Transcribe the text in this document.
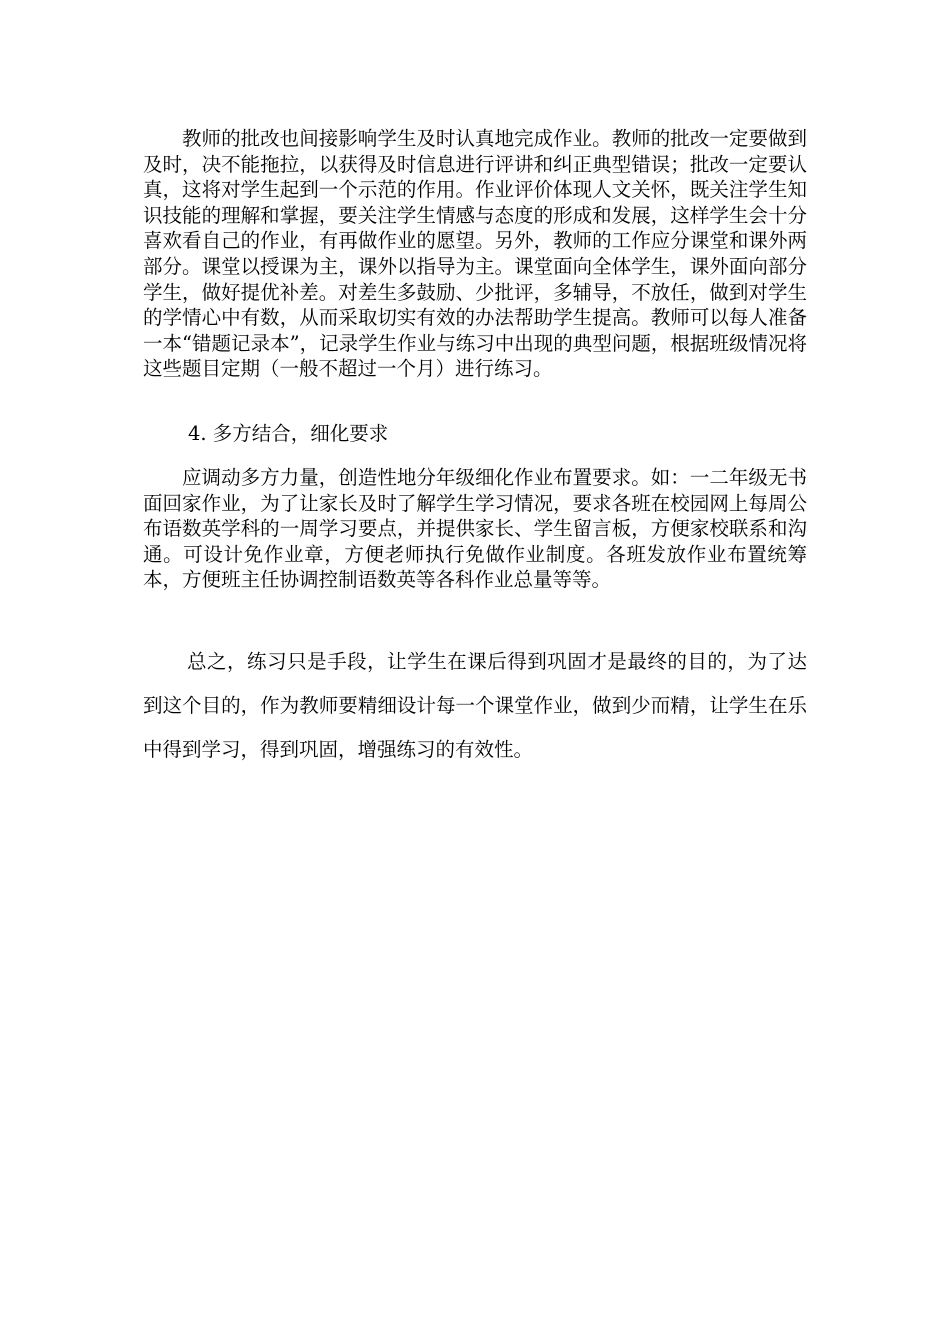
教师的批改也间接影响学生及时认真地完成作业。教师的批改一定要做到及时，决不能拖拉，以获得及时信息进行评讲和纠正典型错误；批改一定要认真，这将对学生起到一个示范的作用。作业评价体现人文关怀，既关注学生知识技能的理解和掌握，要关注学生情感与态度的形成和发展，这样学生会十分喜欢看自己的作业，有再做作业的愿望。另外，教师的工作应分课堂和课外两部分。课堂以授课为主，课外以指导为主。课堂面向全体学生，课外面向部分学生，做好提优补差。对差生多鼓励、少批评，多辅导，不放任，做到对学生的学情心中有数，从而采取切实有效的办法帮助学生提高。教师可以每人准备一本“错题记录本”，记录学生作业与练习中出现的典型问题，根据班级情况将这些题目定期（一般不超过一个月）进行练习。

4. 多方结合，细化要求

应调动多方力量，创造性地分年级细化作业布置要求。如：一二年级无书面回家作业，为了让家长及时了解学生学习情况，要求各班在校园网上每周公布语数英学科的一周学习要点，并提供家长、学生留言板，方便家校联系和沟通。可设计免作业章，方便老师执行免做作业制度。各班发放作业布置统筹本，方便班主任协调控制语数英等各科作业总量等等。

总之，练习只是手段，让学生在课后得到巩固才是最终的目的，为了达到这个目的，作为教师要精细设计每一个课堂作业，做到少而精，让学生在乐中得到学习，得到巩固，增强练习的有效性。
